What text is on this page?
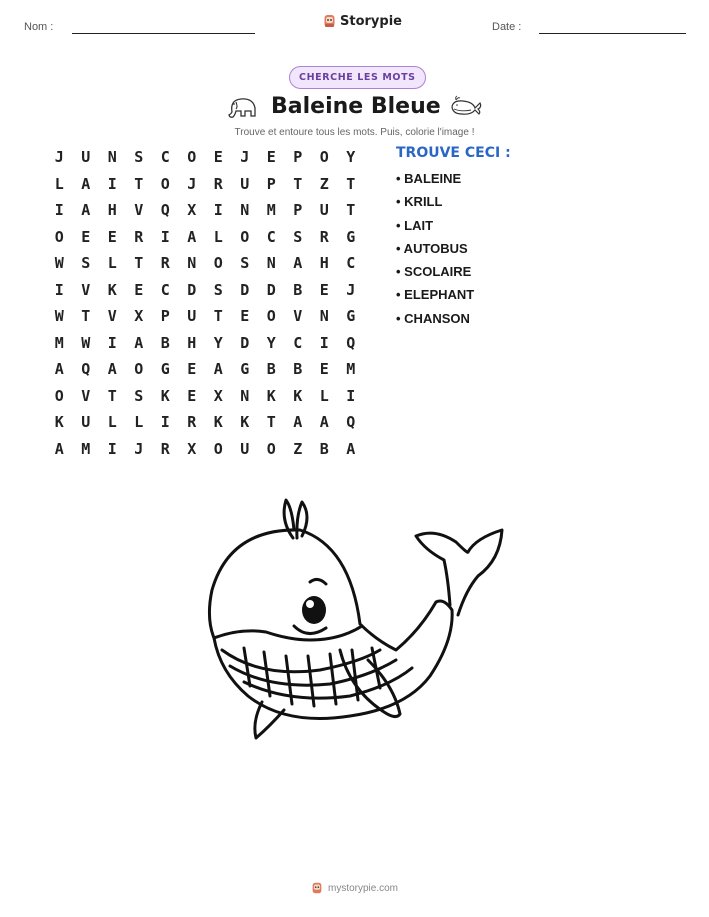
Nom :	Storypie	Date :
CHERCHE LES MOTS
Baleine Bleue
Trouve et entoure tous les mots. Puis, colorie l'image !
J	U	N	S	C	O	E	J	E	P	O	Y
L	A	I	T	O	J	R	U	P	T	Z	T
I	A	H	V	Q	X	I	N	M	P	U	T
O	E	E	R	I	A	L	O	C	S	R	G
W	S	L	T	R	N	O	S	N	A	H	C
I	V	K	E	C	D	S	D	D	B	E	J
W	T	V	X	P	U	T	E	O	V	N	G
M	W	I	A	B	H	Y	D	Y	C	I	Q
A	Q	A	O	G	E	A	G	B	B	E	M
O	V	T	S	K	E	X	N	K	K	L	I
K	U	L	L	I	R	K	K	T	A	A	Q
A	M	I	J	R	X	O	U	O	Z	B	A
TROUVE CECI :
• BALEINE
• KRILL
• LAIT
• AUTOBUS
• SCOLAIRE
• ELEPHANT
• CHANSON
mystorypie.com
